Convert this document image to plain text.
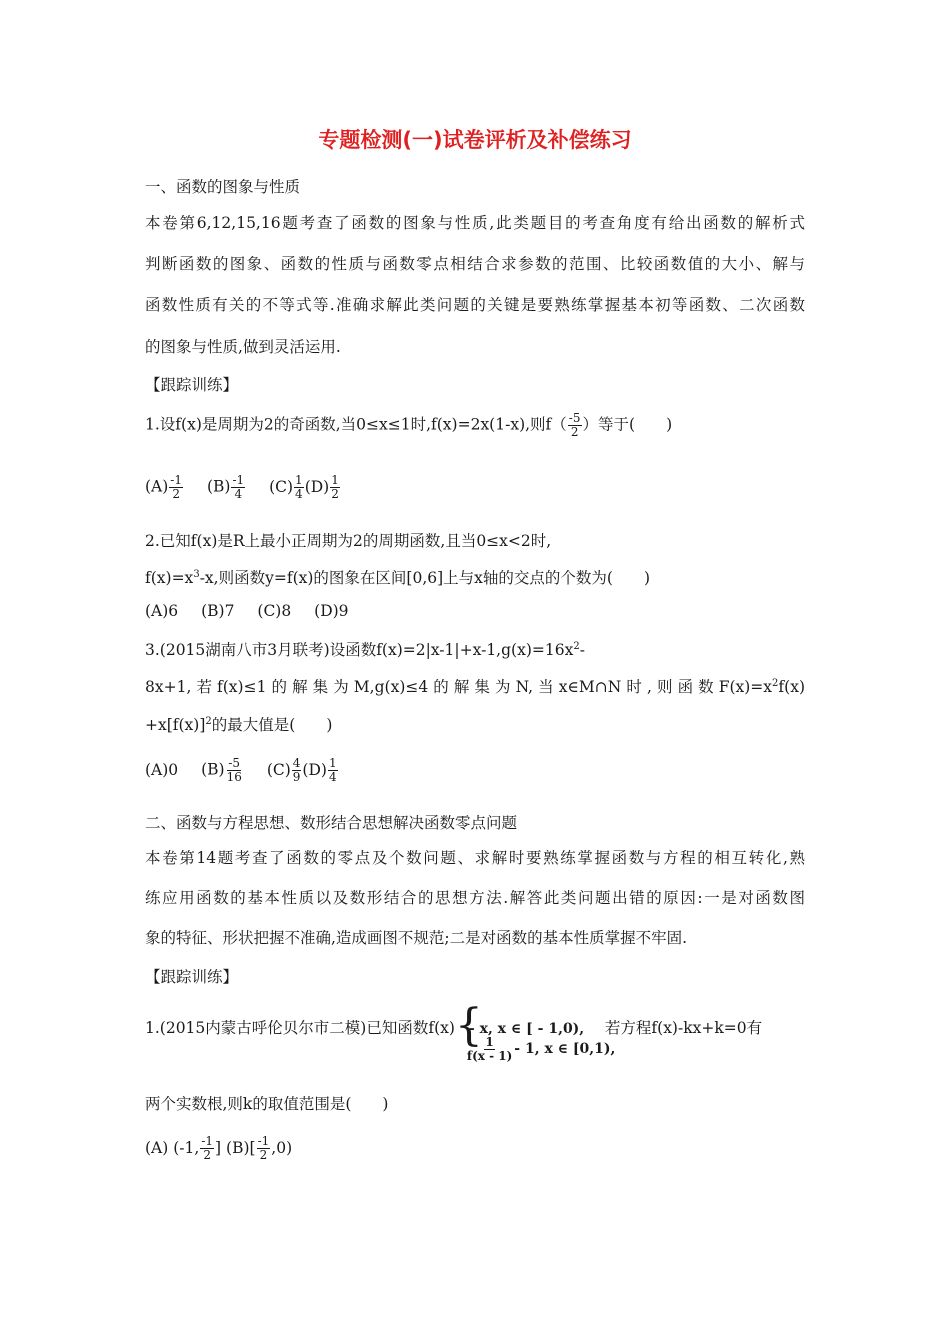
专题检测(一)试卷评析及补偿练习
一、函数的图象与性质
本卷第6,12,15,16题考查了函数的图象与性质,此类题目的考查角度有给出函数的解析式
判断函数的图象、函数的性质与函数零点相结合求参数的范围、比较函数值的大小、解与
函数性质有关的不等式等.准确求解此类问题的关键是要熟练掌握基本初等函数、二次函数
的图象与性质,做到灵活运用.
【跟踪训练】
1.设f(x)是周期为2的奇函数,当0≤x≤1时,f(x)=2x(1-x),则$f( \frac{-5}{2}$ ）等于(　　)
$(A) \frac{-1}{2} (B) \frac{-1}{4} (C) \frac{1}{4} (D) \frac{1}{2}$
2.已知f(x)是R上最小正周期为2的周期函数,且当0≤x<2时,
$f(x)=x^3-x$,则函数y=f(x)的图象在区间[0,6]上与x轴的交点的个数为(　　)
(A)6 (B)7 (C)8 (D)9
3.(2015湖南八市3月联考)设函数$f(x)=2|x-1|+x-1,g(x)=16x^2-$
8x+1,若f(x)≤1的解集为M,g(x)≤4的解集为N,当x∈M∩N时,则函数$F(x)=x^2f(x)$
$+x[f(x)]^2$的最大值是(　　)
(A)0 $(B) \frac{-5}{16} (C) \frac{4}{9} (D) \frac{1}{4}$
二、函数与方程思想、数形结合思想解决函数零点问题
本卷第14题考查了函数的零点及个数问题、求解时要熟练掌握函数与方程的相互转化,熟
练应用函数的基本性质以及数形结合的思想方法.解答此类问题出错的原因:一是对函数图
象的特征、形状把握不准确,造成画图不规范;二是对函数的基本性质掌握不牢固.
【跟踪训练】
1.(2015内蒙古呼伦贝尔市二模)已知函数f(x) {
- x, x ∈ [ - 1,0),
$\frac{1}{f(x - 1)} - 1$, x ∈ [0,1),
若方程f(x)-kx+k=0有
两个实数根,则k的取值范围是(　　)
(A) (-1, $\frac{-1}{2}$ ] $(B)[ \frac{-1}{2} ,0)$
